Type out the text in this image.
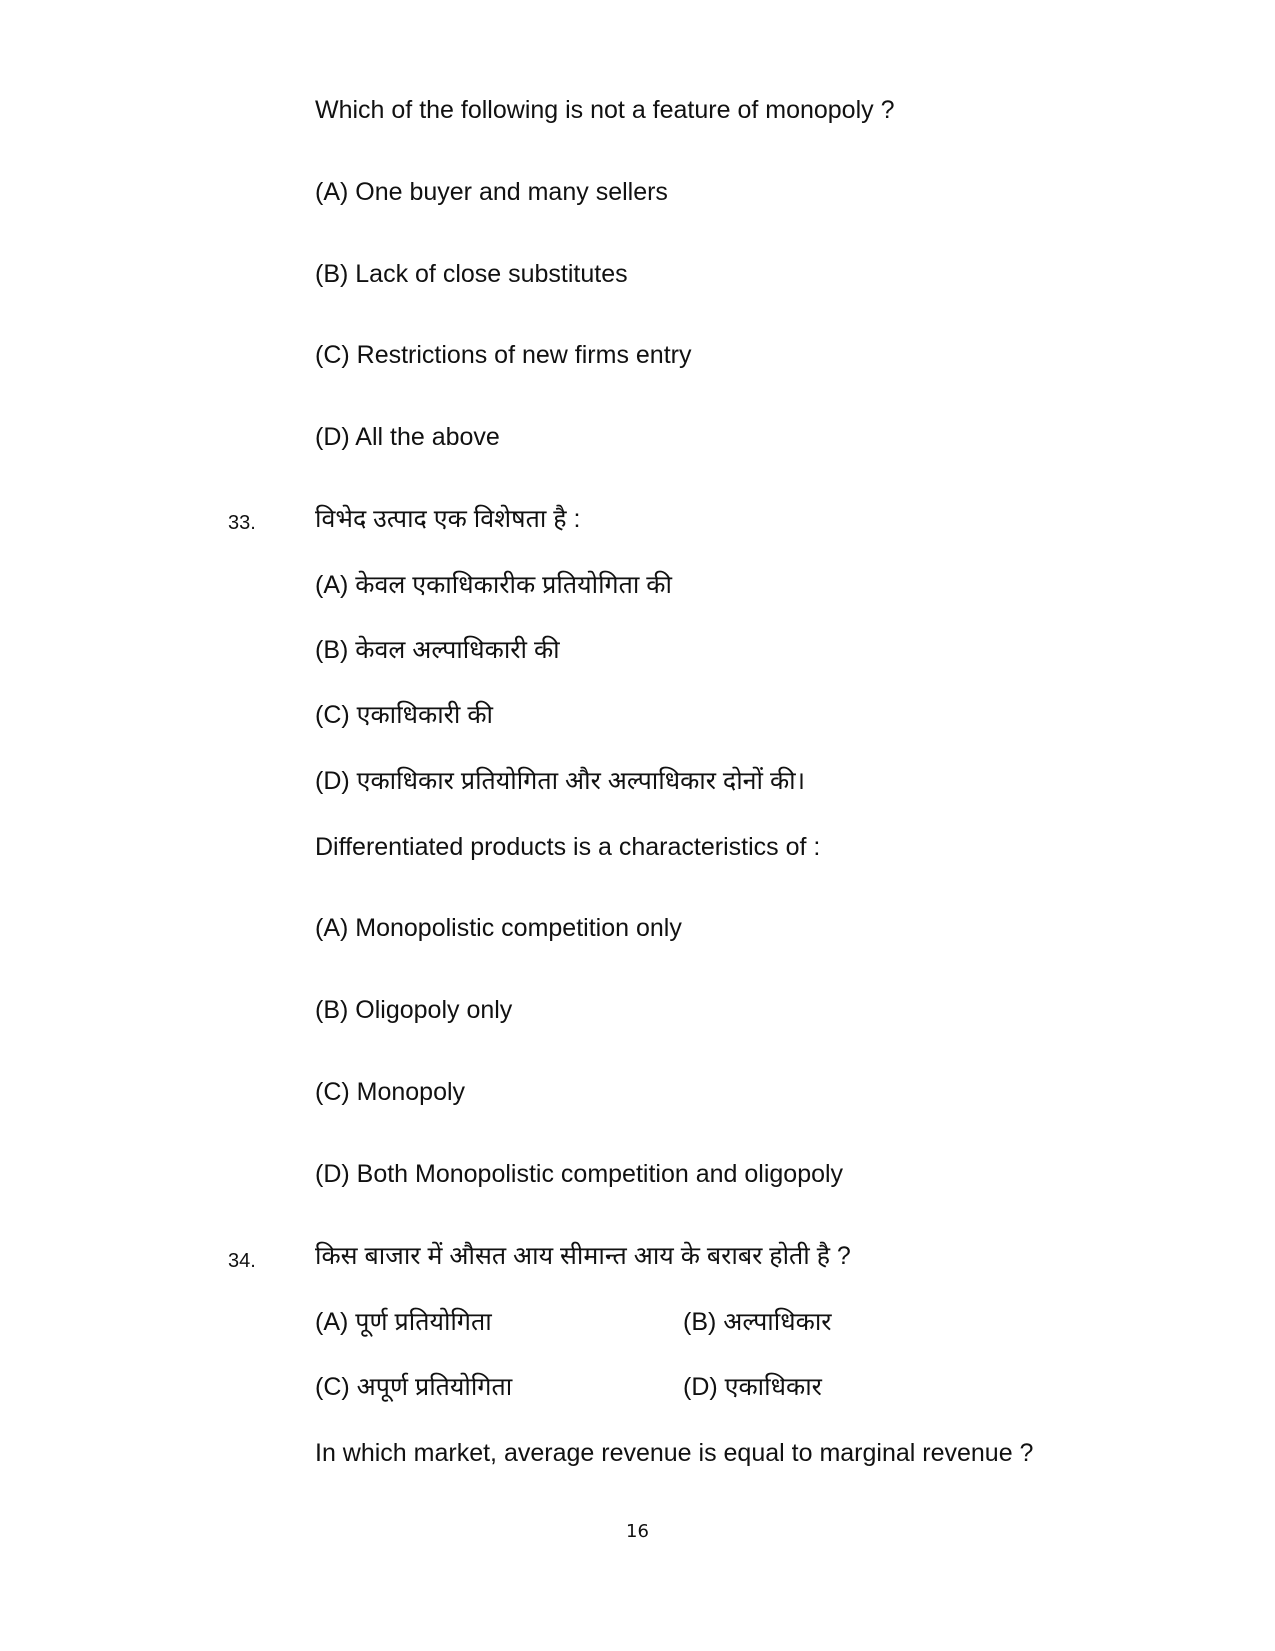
Which of the following is not a feature of monopoly ?
(A) One buyer and many sellers
(B) Lack of close substitutes
(C) Restrictions of new firms entry
(D) All the above
33. विभेद उत्पाद एक विशेषता है :
(A) केवल एकाधिकारीक प्रतियोगिता की
(B) केवल अल्पाधिकारी की
(C) एकाधिकारी की
(D) एकाधिकार प्रतियोगिता और अल्पाधिकार दोनों की।
Differentiated products is a characteristics of :
(A) Monopolistic competition only
(B) Oligopoly only
(C) Monopoly
(D) Both Monopolistic competition and oligopoly
34. किस बाजार में औसत आय सीमान्त आय के बराबर होती है ?
(A) पूर्ण प्रतियोगिता	(B) अल्पाधिकार
(C) अपूर्ण प्रतियोगिता	(D) एकाधिकार
In which market, average revenue is equal to marginal revenue ?
16
